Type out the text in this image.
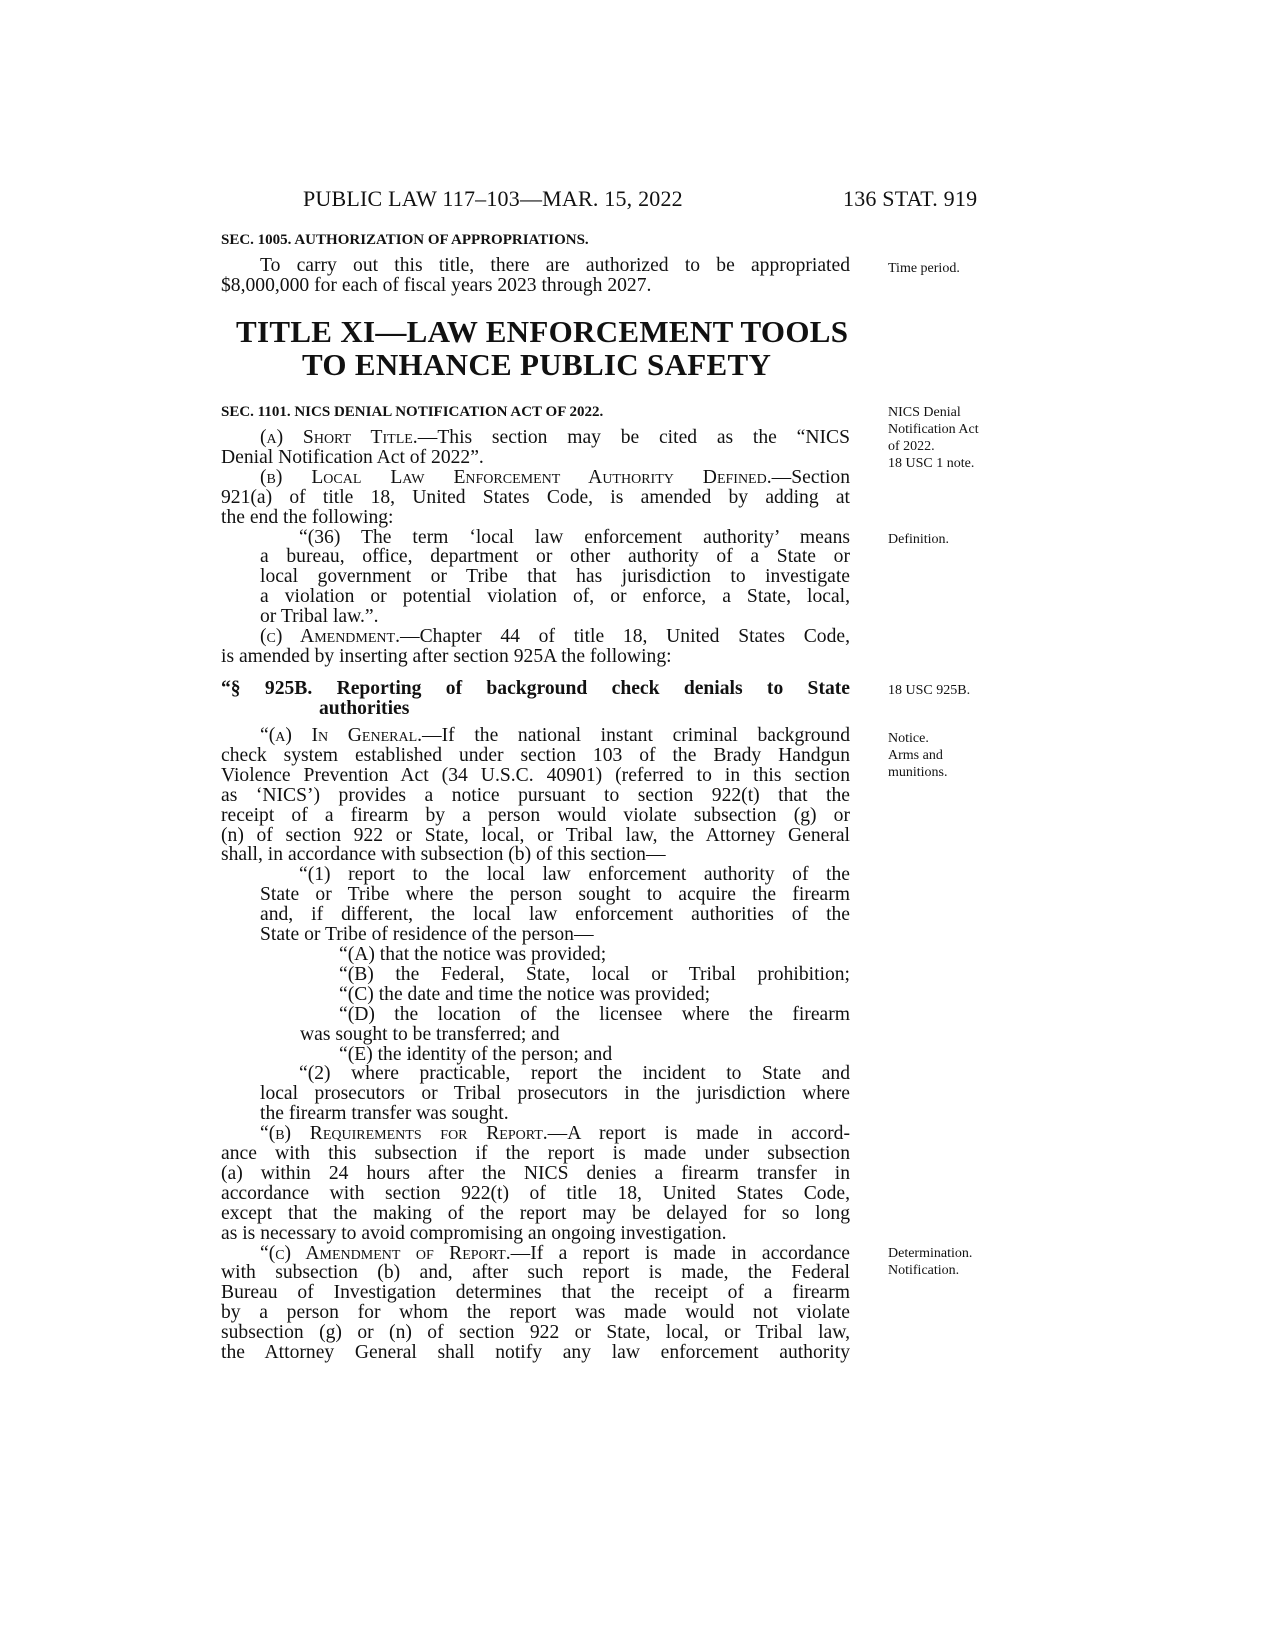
PUBLIC LAW 117–103—MAR. 15, 2022	136 STAT. 919
SEC. 1005. AUTHORIZATION OF APPROPRIATIONS.
To carry out this title, there are authorized to be appropriated
$8,000,000 for each of fiscal years 2023 through 2027.
Time period.
TITLE XI—LAW ENFORCEMENT TOOLS
TO ENHANCE PUBLIC SAFETY
SEC. 1101. NICS DENIAL NOTIFICATION ACT OF 2022.	NICS Denial
Notification Act
of 2022.
18 USC 1 note.
(a) Short Title.—This section may be cited as the “NICS
Denial Notification Act of 2022”.
(b) Local Law Enforcement Authority Defined.—Section
921(a) of title 18, United States Code, is amended by adding at
the end the following:
“(36) The term ‘local law enforcement authority’ means
a bureau, office, department or other authority of a State or
local government or Tribe that has jurisdiction to investigate
a violation or potential violation of, or enforce, a State, local,
or Tribal law.”.
(c) Amendment.—Chapter 44 of title 18, United States Code,
is amended by inserting after section 925A the following:
Definition.
“§ 925B. Reporting of background check denials to State
authorities
18 USC 925B.
Notice.
Arms and
munitions.
“(a) In General.—If the national instant criminal background
check system established under section 103 of the Brady Handgun
Violence Prevention Act (34 U.S.C. 40901) (referred to in this section
as ‘NICS’) provides a notice pursuant to section 922(t) that the
receipt of a firearm by a person would violate subsection (g) or
(n) of section 922 or State, local, or Tribal law, the Attorney General
shall, in accordance with subsection (b) of this section—
“(1) report to the local law enforcement authority of the
State or Tribe where the person sought to acquire the firearm
and, if different, the local law enforcement authorities of the
State or Tribe of residence of the person—
“(A) that the notice was provided;
“(B) the Federal, State, local or Tribal prohibition;
“(C) the date and time the notice was provided;
“(D) the location of the licensee where the firearm
was sought to be transferred; and
“(E) the identity of the person; and
“(2) where practicable, report the incident to State and
local prosecutors or Tribal prosecutors in the jurisdiction where
the firearm transfer was sought.
“(b) Requirements for Report.—A report is made in accord-
ance with this subsection if the report is made under subsection
(a) within 24 hours after the NICS denies a firearm transfer in
accordance with section 922(t) of title 18, United States Code,
except that the making of the report may be delayed for so long
as is necessary to avoid compromising an ongoing investigation.
“(c) Amendment of Report.—If a report is made in accordance
with subsection (b) and, after such report is made, the Federal
Bureau of Investigation determines that the receipt of a firearm
by a person for whom the report was made would not violate
subsection (g) or (n) of section 922 or State, local, or Tribal law,
the Attorney General shall notify any law enforcement authority
Determination.
Notification.
